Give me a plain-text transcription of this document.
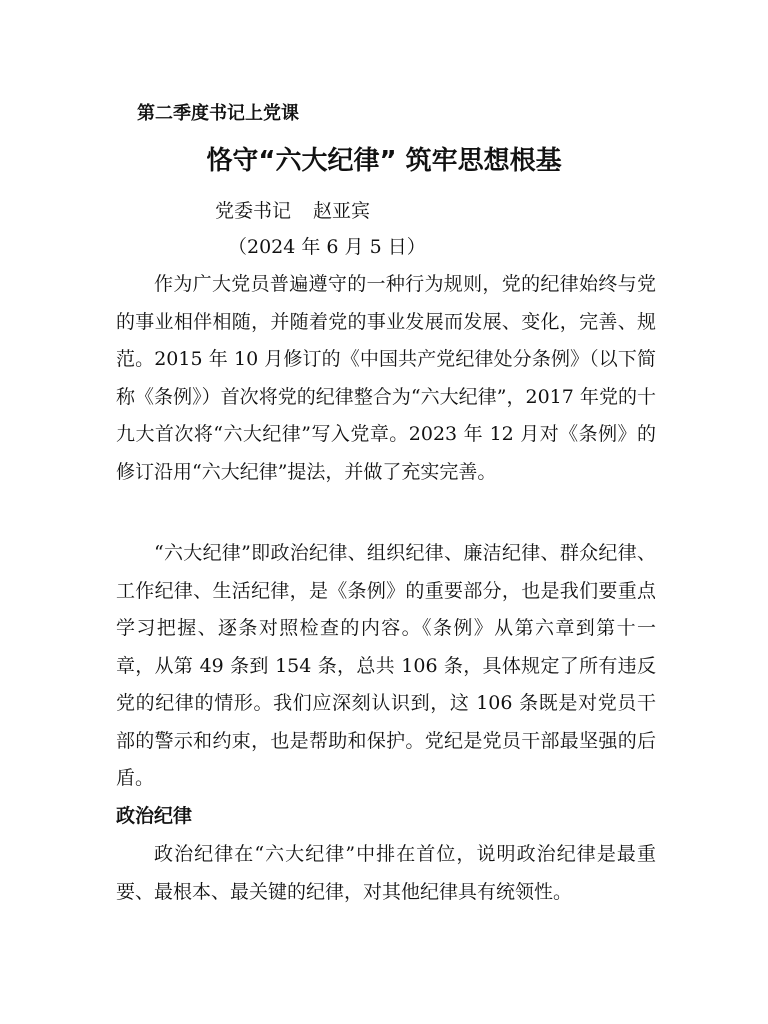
第二季度书记上党课
恪守“六大纪律” 筑牢思想根基
党委书记 赵亚宾
（2024 年 6 月 5 日）

作为广大党员普遍遵守的一种行为规则，党的纪律始终与党的事业相伴相随，并随着党的事业发展而发展、变化，完善、规范。2015 年 10 月修订的《中国共产党纪律处分条例》（以下简称《条例》）首次将党的纪律整合为“六大纪律”，2017 年党的十九大首次将“六大纪律”写入党章。2023 年 12 月对《条例》的修订沿用“六大纪律”提法，并做了充实完善。

“六大纪律”即政治纪律、组织纪律、廉洁纪律、群众纪律、工作纪律、生活纪律，是《条例》的重要部分，也是我们要重点学习把握、逐条对照检查的内容。《条例》从第六章到第十一章，从第 49 条到 154 条，总共 106 条，具体规定了所有违反党的纪律的情形。我们应深刻认识到，这 106 条既是对党员干部的警示和约束，也是帮助和保护。党纪是党员干部最坚强的后盾。

政治纪律

政治纪律在“六大纪律”中排在首位，说明政治纪律是最重要、最根本、最关键的纪律，对其他纪律具有统领性。
